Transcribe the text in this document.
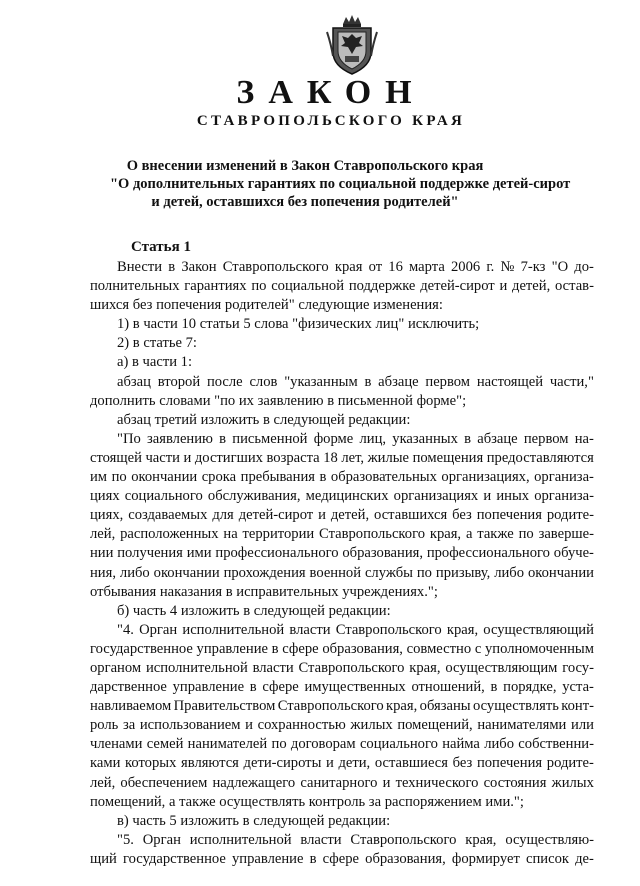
ЗАКОН
СТАВРОПОЛЬСКОГО КРАЯ
О внесении изменений в Закон Ставропольского края
"О дополнительных гарантиях по социальной поддержке детей-сирот
и детей, оставшихся без попечения родителей"
Статья 1
Внести в Закон Ставропольского края от 16 марта 2006 г. № 7-кз "О до-
полнительных гарантиях по социальной поддержке детей-сирот и детей, остав-
шихся без попечения родителей" следующие изменения:
1) в части 10 статьи 5 слова "физических лиц" исключить;
2) в статье 7:
а) в части 1:
абзац второй после слов "указанным в абзаце первом настоящей части,"
дополнить словами "по их заявлению в письменной форме";
абзац третий изложить в следующей редакции:
"По заявлению в письменной форме лиц, указанных в абзаце первом на-
стоящей части и достигших возраста 18 лет, жилые помещения предоставляются
им по окончании срока пребывания в образовательных организациях, организа-
циях социального обслуживания, медицинских организациях и иных организа-
циях, создаваемых для детей-сирот и детей, оставшихся без попечения родите-
лей, расположенных на территории Ставропольского края, а также по заверше-
нии получения ими профессионального образования, профессионального обуче-
ния, либо окончании прохождения военной службы по призыву, либо окончании
отбывания наказания в исправительных учреждениях.";
б) часть 4 изложить в следующей редакции:
"4. Орган исполнительной власти Ставропольского края, осуществляющий
государственное управление в сфере образования, совместно с уполномоченным
органом исполнительной власти Ставропольского края, осуществляющим госу-
дарственное управление в сфере имущественных отношений, в порядке, уста-
навливаемом Правительством Ставропольского края, обязаны осуществлять конт-
роль за использованием и сохранностью жилых помещений, нанимателями или
членами семей нанимателей по договорам социального найма либо собственни-
ками которых являются дети-сироты и дети, оставшиеся без попечения родите-
лей, обеспечением надлежащего санитарного и технического состояния жилых
помещений, а также осуществлять контроль за распоряжением ими.";
в) часть 5 изложить в следующей редакции:
"5. Орган исполнительной власти Ставропольского края, осуществляю-
щий государственное управление в сфере образования, формирует список де-
